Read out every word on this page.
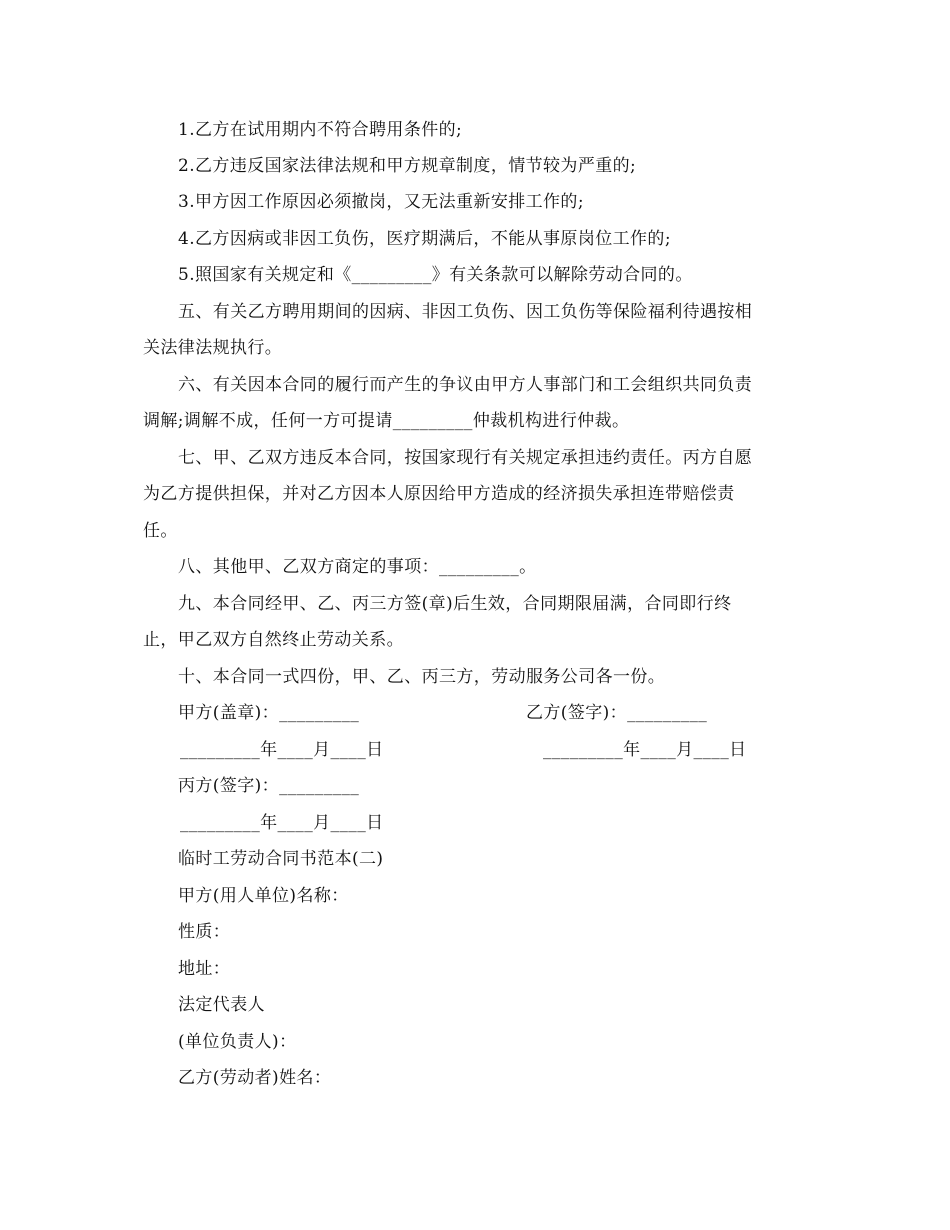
1.乙方在试用期内不符合聘用条件的;

2.乙方违反国家法律法规和甲方规章制度，情节较为严重的;

3.甲方因工作原因必须撤岗，又无法重新安排工作的;

4.乙方因病或非因工负伤，医疗期满后，不能从事原岗位工作的;

5.照国家有关规定和《_________》有关条款可以解除劳动合同的。

五、有关乙方聘用期间的因病、非因工负伤、因工负伤等保险福利待遇按相

关法律法规执行。

六、有关因本合同的履行而产生的争议由甲方人事部门和工会组织共同负责

调解;调解不成，任何一方可提请_________仲裁机构进行仲裁。

七、甲、乙双方违反本合同，按国家现行有关规定承担违约责任。丙方自愿

为乙方提供担保，并对乙方因本人原因给甲方造成的经济损失承担连带赔偿责

任。

八、其他甲、乙双方商定的事项：_________。

九、本合同经甲、乙、丙三方签(章)后生效，合同期限届满，合同即行终

止，甲乙双方自然终止劳动关系。

十、本合同一式四份，甲、乙、丙三方，劳动服务公司各一份。

甲方(盖章)：_________	乙方(签字)：_________

_________年____月____日	_________年____月____日

丙方(签字)：_________

_________年____月____日

临时工劳动合同书范本(二)

甲方(用人单位)名称：

性质：

地址：

法定代表人

(单位负责人)：

乙方(劳动者)姓名：
